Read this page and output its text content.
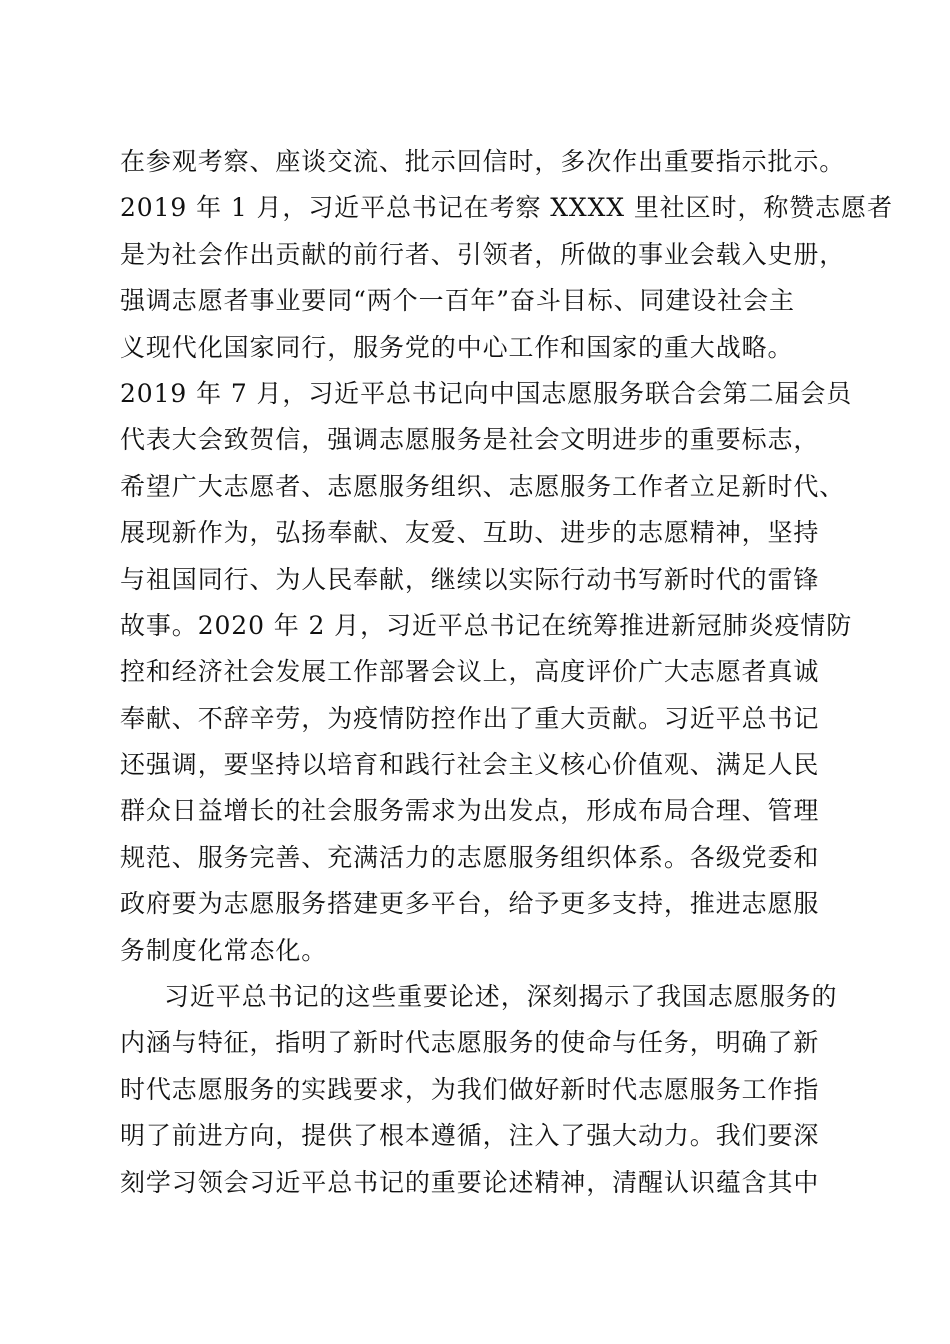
在参观考察、座谈交流、批示回信时，多次作出重要指示批示。
2019 年 1 月，习近平总书记在考察 XXXX 里社区时，称赞志愿者
是为社会作出贡献的前行者、引领者，所做的事业会载入史册，
强调志愿者事业要同“两个一百年”奋斗目标、同建设社会主
义现代化国家同行，服务党的中心工作和国家的重大战略。
2019 年 7 月，习近平总书记向中国志愿服务联合会第二届会员
代表大会致贺信，强调志愿服务是社会文明进步的重要标志，
希望广大志愿者、志愿服务组织、志愿服务工作者立足新时代、
展现新作为，弘扬奉献、友爱、互助、进步的志愿精神，坚持
与祖国同行、为人民奉献，继续以实际行动书写新时代的雷锋
故事。2020 年 2 月，习近平总书记在统筹推进新冠肺炎疫情防
控和经济社会发展工作部署会议上，高度评价广大志愿者真诚
奉献、不辞辛劳，为疫情防控作出了重大贡献。习近平总书记
还强调，要坚持以培育和践行社会主义核心价值观、满足人民
群众日益增长的社会服务需求为出发点，形成布局合理、管理
规范、服务完善、充满活力的志愿服务组织体系。各级党委和
政府要为志愿服务搭建更多平台，给予更多支持，推进志愿服
务制度化常态化。
习近平总书记的这些重要论述，深刻揭示了我国志愿服务的
内涵与特征，指明了新时代志愿服务的使命与任务，明确了新
时代志愿服务的实践要求，为我们做好新时代志愿服务工作指
明了前进方向，提供了根本遵循，注入了强大动力。我们要深
刻学习领会习近平总书记的重要论述精神，清醒认识蕴含其中
